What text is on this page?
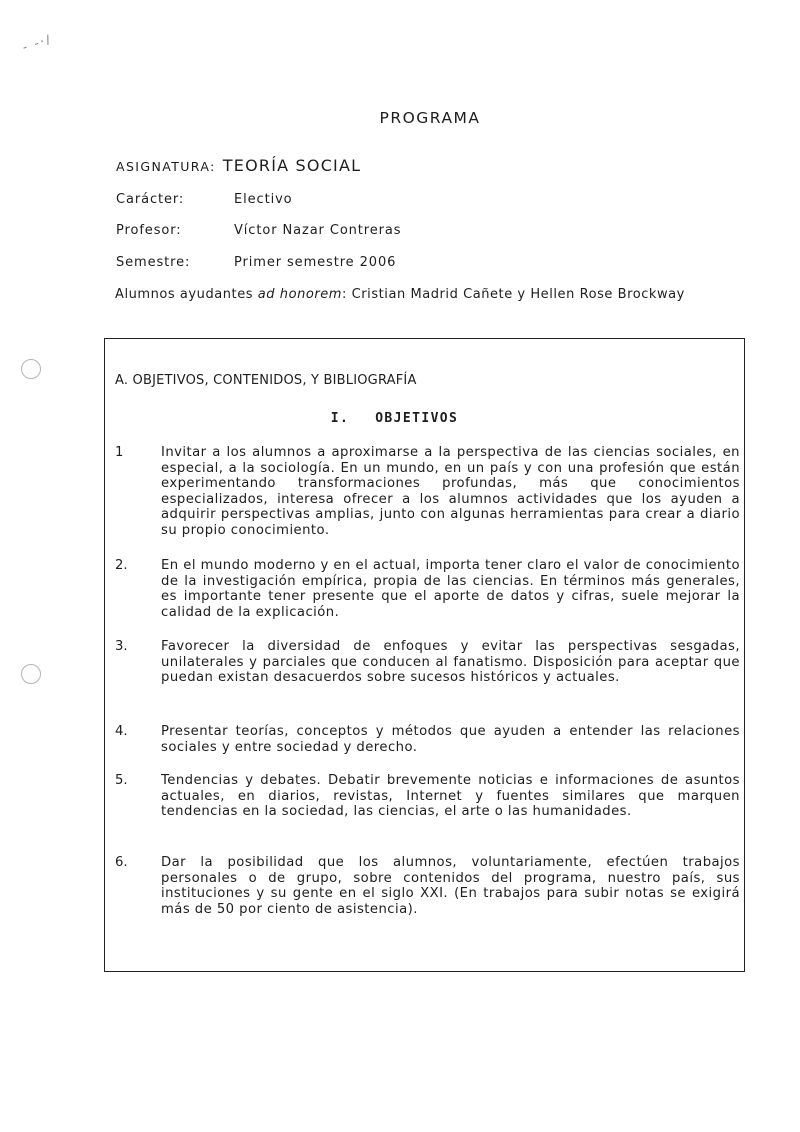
- -·∕
PROGRAMA
ASIGNATURA: TEORÍA SOCIAL
Carácter:	Electivo
Profesor:	Víctor Nazar Contreras
Semestre:	Primer semestre 2006
Alumnos ayudantes ad honorem: Cristian Madrid Cañete y Hellen Rose Brockway
A. OBJETIVOS, CONTENIDOS, Y BIBLIOGRAFÍA
I. OBJETIVOS
1	Invitar a los alumnos a aproximarse a la perspectiva de las ciencias sociales, en especial, a la sociología. En un mundo, en un país y con una profesión que están experimentando transformaciones profundas, más que conocimientos especializados, interesa ofrecer a los alumnos actividades que los ayuden a adquirir perspectivas amplias, junto con algunas herramientas para crear a diario su propio conocimiento.
2.	En el mundo moderno y en el actual, importa tener claro el valor de conocimiento de la investigación empírica, propia de las ciencias. En términos más generales, es importante tener presente que el aporte de datos y cifras, suele mejorar la calidad de la explicación.
3.	Favorecer la diversidad de enfoques y evitar las perspectivas sesgadas, unilaterales y parciales que conducen al fanatismo. Disposición para aceptar que puedan existan desacuerdos sobre sucesos históricos y actuales.
4.	Presentar teorías, conceptos y métodos que ayuden a entender las relaciones sociales y entre sociedad y derecho.
5.	Tendencias y debates. Debatir brevemente noticias e informaciones de asuntos actuales, en diarios, revistas, Internet y fuentes similares que marquen tendencias en la sociedad, las ciencias, el arte o las humanidades.
6.	Dar la posibilidad que los alumnos, voluntariamente, efectúen trabajos personales o de grupo, sobre contenidos del programa, nuestro país, sus instituciones y su gente en el siglo XXI. (En trabajos para subir notas se exigirá más de 50 por ciento de asistencia).
